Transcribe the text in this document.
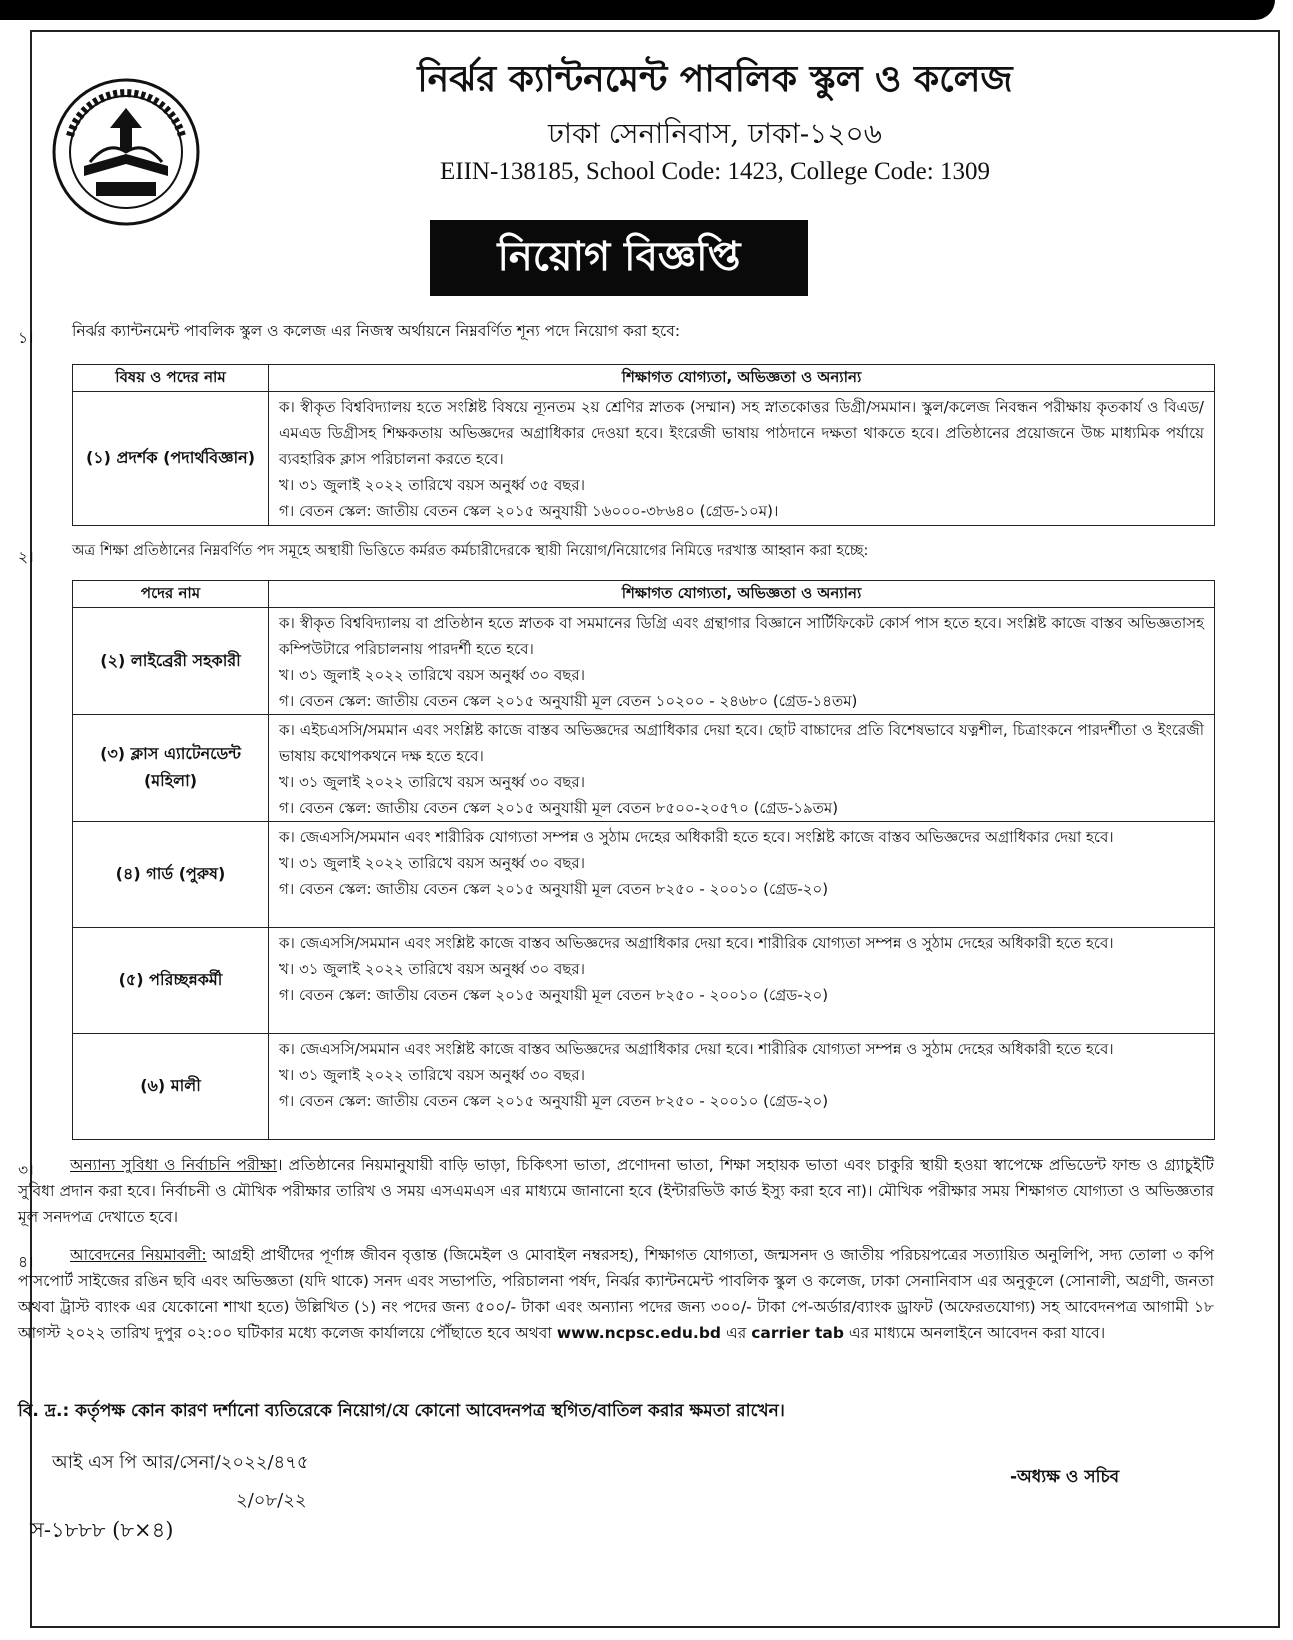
নির্ঝর ক্যান্টনমেন্ট পাবলিক স্কুল ও কলেজ
ঢাকা সেনানিবাস, ঢাকা-১২০৬
EIIN-138185, School Code: 1423, College Code: 1309
নিয়োগ বিজ্ঞপ্তি
১। নির্ঝর ক্যান্টনমেন্ট পাবলিক স্কুল ও কলেজ এর নিজস্ব অর্থায়নে নিম্নবর্ণিত শূন্য পদে নিয়োগ করা হবে:
বিষয় ও পদের নাম	শিক্ষাগত যোগ্যতা, অভিজ্ঞতা ও অন্যান্য
(১) প্রদর্শক (পদার্থবিজ্ঞান)	ক। স্বীকৃত বিশ্ববিদ্যালয় হতে সংশ্লিষ্ট বিষয়ে ন্যূনতম ২য় শ্রেণির স্নাতক (সম্মান) সহ স্নাতকোত্তর ডিগ্রী/সমমান। স্কুল/কলেজ নিবন্ধন পরীক্ষায় কৃতকার্য ও বিএড/এমএড ডিগ্রীসহ শিক্ষকতায় অভিজ্ঞদের অগ্রাধিকার দেওয়া হবে। ইংরেজী ভাষায় পাঠদানে দক্ষতা থাকতে হবে। প্রতিষ্ঠানের প্রয়োজনে উচ্চ মাধ্যমিক পর্যায়ে ব্যবহারিক ক্লাস পরিচালনা করতে হবে।
খ। ৩১ জুলাই ২০২২ তারিখে বয়স অনুর্ধ্ব ৩৫ বছর।
গ। বেতন স্কেল: জাতীয় বেতন স্কেল ২০১৫ অনুযায়ী ১৬০০০-৩৮৬৪০ (গ্রেড-১০ম)।
২।	অত্র শিক্ষা প্রতিষ্ঠানের নিম্নবর্ণিত পদ সমূহে অস্থায়ী ভিত্তিতে কর্মরত কর্মচারীদেরকে স্থায়ী নিয়োগ/নিয়োগের নিমিত্তে দরখাস্ত আহ্বান করা হচ্ছে:
পদের নাম	শিক্ষাগত যোগ্যতা, অভিজ্ঞতা ও অন্যান্য
(২) লাইব্রেরী সহকারী	ক। স্বীকৃত বিশ্ববিদ্যালয় বা প্রতিষ্ঠান হতে স্নাতক বা সমমানের ডিগ্রি এবং গ্রন্থাগার বিজ্ঞানে সার্টিফিকেট কোর্স পাস হতে হবে। সংশ্লিষ্ট কাজে বাস্তব অভিজ্ঞতাসহ কম্পিউটারে পরিচালনায় পারদর্শী হতে হবে।
খ। ৩১ জুলাই ২০২২ তারিখে বয়স অনুর্ধ্ব ৩০ বছর।
গ। বেতন স্কেল: জাতীয় বেতন স্কেল ২০১৫ অনুযায়ী মূল বেতন ১০২০০ - ২৪৬৮০ (গ্রেড-১৪তম)

(৩) ক্লাস এ্যাটেনডেন্ট (মহিলা)	ক। এইচএসসি/সমমান এবং সংশ্লিষ্ট কাজে বাস্তব অভিজ্ঞদের অগ্রাধিকার দেয়া হবে। ছোট বাচ্চাদের প্রতি বিশেষভাবে যত্নশীল, চিত্রাংকনে পারদর্শীতা ও ইংরেজী ভাষায় কথোপকথনে দক্ষ হতে হবে।
খ। ৩১ জুলাই ২০২২ তারিখে বয়স অনুর্ধ্ব ৩০ বছর।
গ। বেতন স্কেল: জাতীয় বেতন স্কেল ২০১৫ অনুযায়ী মূল বেতন ৮৫০০-২০৫৭০ (গ্রেড-১৯তম)

(৪) গার্ড (পুরুষ)	ক। জেএসসি/সমমান এবং শারীরিক যোগ্যতা সম্পন্ন ও সুঠাম দেহের অধিকারী হতে হবে। সংশ্লিষ্ট কাজে বাস্তব অভিজ্ঞদের অগ্রাধিকার দেয়া হবে।
খ। ৩১ জুলাই ২০২২ তারিখে বয়স অনুর্ধ্ব ৩০ বছর।
গ। বেতন স্কেল: জাতীয় বেতন স্কেল ২০১৫ অনুযায়ী মূল বেতন ৮২৫০ - ২০০১০ (গ্রেড-২০)

(৫) পরিচ্ছন্নকর্মী	ক। জেএসসি/সমমান এবং সংশ্লিষ্ট কাজে বাস্তব অভিজ্ঞদের অগ্রাধিকার দেয়া হবে। শারীরিক যোগ্যতা সম্পন্ন ও সুঠাম দেহের অধিকারী হতে হবে।
খ। ৩১ জুলাই ২০২২ তারিখে বয়স অনুর্ধ্ব ৩০ বছর।
গ। বেতন স্কেল: জাতীয় বেতন স্কেল ২০১৫ অনুযায়ী মূল বেতন ৮২৫০ - ২০০১০ (গ্রেড-২০)

(৬) মালী	ক। জেএসসি/সমমান এবং সংশ্লিষ্ট কাজে বাস্তব অভিজ্ঞদের অগ্রাধিকার দেয়া হবে। শারীরিক যোগ্যতা সম্পন্ন ও সুঠাম দেহের অধিকারী হতে হবে।
খ। ৩১ জুলাই ২০২২ তারিখে বয়স অনুর্ধ্ব ৩০ বছর।
গ। বেতন স্কেল: জাতীয় বেতন স্কেল ২০১৫ অনুযায়ী মূল বেতন ৮২৫০ - ২০০১০ (গ্রেড-২০)
৩।	অন্যান্য সুবিধা ও নির্বাচনি পরীক্ষা। প্রতিষ্ঠানের নিয়মানুযায়ী বাড়ি ভাড়া, চিকিৎসা ভাতা, প্রণোদনা ভাতা, শিক্ষা সহায়ক ভাতা এবং চাকুরি স্থায়ী হওয়া স্বাপেক্ষে প্রভিডেন্ট ফান্ড ও গ্র্যাচুইটি সুবিধা প্রদান করা হবে। নির্বাচনী ও মৌখিক পরীক্ষার তারিখ ও সময় এসএমএস এর মাধ্যমে জানানো হবে (ইন্টারভিউ কার্ড ইস্যু করা হবে না)। মৌখিক পরীক্ষার সময় শিক্ষাগত যোগ্যতা ও অভিজ্ঞতার মূল সনদপত্র দেখাতে হবে।
৪।	আবেদনের নিয়মাবলী: আগ্রহী প্রার্থীদের পূর্ণাঙ্গ জীবন বৃত্তান্ত (জিমেইল ও মোবাইল নম্বরসহ), শিক্ষাগত যোগ্যতা, জন্মসনদ ও জাতীয় পরিচয়পত্রের সত্যায়িত অনুলিপি, সদ্য তোলা ৩ কপি পাসপোর্ট সাইজের রঙিন ছবি এবং অভিজ্ঞতা (যদি থাকে) সনদ এবং সভাপতি, পরিচালনা পর্ষদ, নির্ঝর ক্যান্টনমেন্ট পাবলিক স্কুল ও কলেজ, ঢাকা সেনানিবাস এর অনুকূলে (সোনালী, অগ্রণী, জনতা অথবা ট্রাস্ট ব্যাংক এর যেকোনো শাখা হতে) উল্লিখিত (১) নং পদের জন্য ৫০০/- টাকা এবং অন্যান্য পদের জন্য ৩০০/- টাকা পে-অর্ডার/ব্যাংক ড্রাফট (অফেরতযোগ্য) সহ আবেদনপত্র আগামী ১৮ আগস্ট ২০২২ তারিখ দুপুর ০২:০০ ঘটিকার মধ্যে কলেজ কার্যালয়ে পৌঁছাতে হবে অথবা www.ncpsc.edu.bd এর carrier tab এর মাধ্যমে অনলাইনে আবেদন করা যাবে।
বি. দ্র.: কর্তৃপক্ষ কোন কারণ দর্শানো ব্যতিরেকে নিয়োগ/যে কোনো আবেদনপত্র স্থগিত/বাতিল করার ক্ষমতা রাখেন।
আই এস পি আর/সেনা/২০২২/৪৭৫
২/০৮/২২
স-১৮৮৮ (৮×৪)
-অধ্যক্ষ ও সচিব
